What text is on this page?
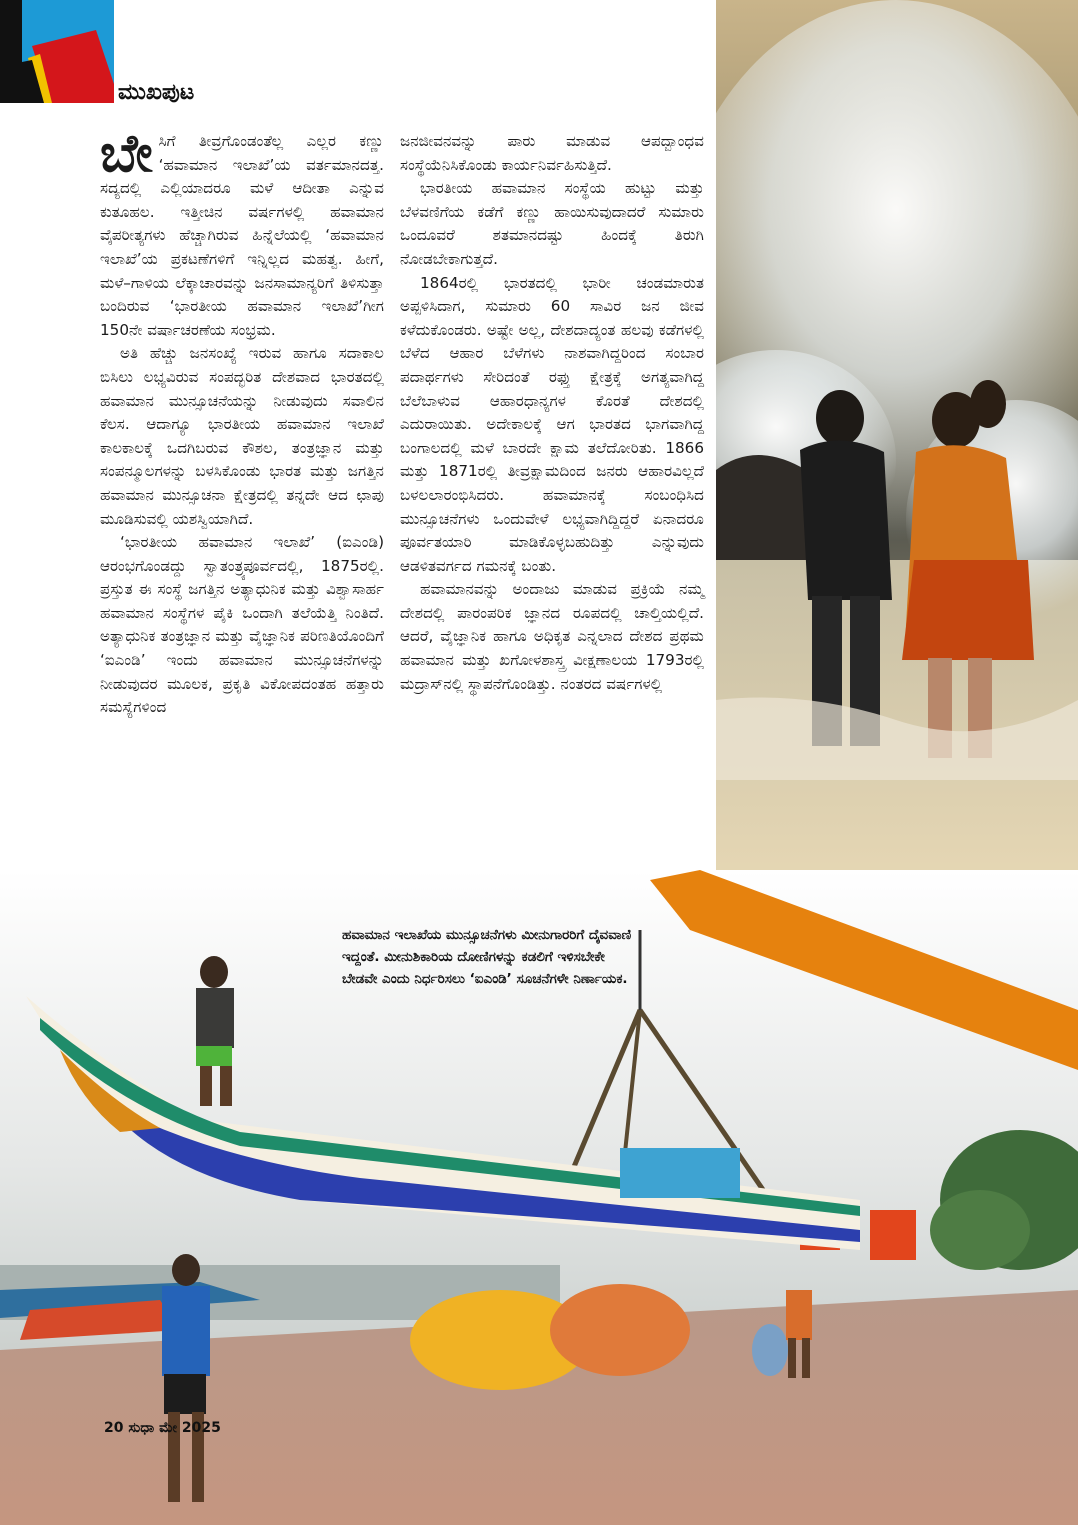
ಮುಖಪುಟ

ಬೇಸಿಗೆ ತೀವ್ರಗೊಂಡಂತೆಲ್ಲ ಎಲ್ಲರ ಕಣ್ಣು ‘ಹವಾಮಾನ ಇಲಾಖೆ’ಯ ವರ್ತಮಾನದತ್ತ. ಸದ್ಯದಲ್ಲಿ ಎಲ್ಲಿಯಾದರೂ ಮಳೆ ಆದೀತಾ ಎನ್ನುವ ಕುತೂಹಲ. ಇತ್ತೀಚಿನ ವರ್ಷಗಳಲ್ಲಿ ಹವಾಮಾನ ವೈಪರೀತ್ಯಗಳು ಹೆಚ್ಚಾಗಿರುವ ಹಿನ್ನೆಲೆಯಲ್ಲಿ ‘ಹವಾಮಾನ ಇಲಾಖೆ’ಯ ಪ್ರಕಟಣೆಗಳಿಗೆ ಇನ್ನಿಲ್ಲದ ಮಹತ್ವ. ಹೀಗೆ, ಮಳೆ–ಗಾಳಿಯ ಲೆಕ್ಕಾಚಾರವನ್ನು ಜನಸಾಮಾನ್ಯರಿಗೆ ತಿಳಿಸುತ್ತಾ ಬಂದಿರುವ ‘ಭಾರತೀಯ ಹವಾಮಾನ ಇಲಾಖೆ’ಗೀಗ 150ನೇ ವರ್ಷಾಚರಣೆಯ ಸಂಭ್ರಮ.

ಅತಿ ಹೆಚ್ಚು ಜನಸಂಖ್ಯೆ ಇರುವ ಹಾಗೂ ಸದಾಕಾಲ ಬಿಸಿಲು ಲಭ್ಯವಿರುವ ಸಂಪದ್ಭರಿತ ದೇಶವಾದ ಭಾರತದಲ್ಲಿ ಹವಾಮಾನ ಮುನ್ಸೂಚನೆಯನ್ನು ನೀಡುವುದು ಸವಾಲಿನ ಕೆಲಸ. ಆದಾಗ್ಯೂ ಭಾರತೀಯ ಹವಾಮಾನ ಇಲಾಖೆ ಕಾಲಕಾಲಕ್ಕೆ ಒದಗಿಬರುವ ಕೌಶಲ, ತಂತ್ರಜ್ಞಾನ ಮತ್ತು ಸಂಪನ್ಮೂಲಗಳನ್ನು ಬಳಸಿಕೊಂಡು ಭಾರತ ಮತ್ತು ಜಗತ್ತಿನ ಹವಾಮಾನ ಮುನ್ಸೂಚನಾ ಕ್ಷೇತ್ರದಲ್ಲಿ ತನ್ನದೇ ಆದ ಛಾಪು ಮೂಡಿಸುವಲ್ಲಿ ಯಶಸ್ವಿಯಾಗಿದೆ.

‘ಭಾರತೀಯ ಹವಾಮಾನ ಇಲಾಖೆ’ (ಐಎಂಡಿ) ಆರಂಭಗೊಂಡದ್ದು ಸ್ವಾತಂತ್ರ್ಯಪೂರ್ವದಲ್ಲಿ, 1875ರಲ್ಲಿ. ಪ್ರಸ್ತುತ ಈ ಸಂಸ್ಥೆ ಜಗತ್ತಿನ ಅತ್ಯಾಧುನಿಕ ಮತ್ತು ವಿಶ್ವಾಸಾರ್ಹ ಹವಾಮಾನ ಸಂಸ್ಥೆಗಳ ಪೈಕಿ ಒಂದಾಗಿ ತಲೆಯೆತ್ತಿ ನಿಂತಿದೆ. ಅತ್ಯಾಧುನಿಕ ತಂತ್ರಜ್ಞಾನ ಮತ್ತು ವೈಜ್ಞಾನಿಕ ಪರಿಣತಿಯೊಂದಿಗೆ ‘ಐಎಂಡಿ’ ಇಂದು ಹವಾಮಾನ ಮುನ್ಸೂಚನೆಗಳನ್ನು ನೀಡುವುದರ ಮೂಲಕ, ಪ್ರಕೃತಿ ವಿಕೋಪದಂತಹ ಹತ್ತಾರು ಸಮಸ್ಯೆಗಳಿಂದ

ಜನಜೀವನವನ್ನು ಪಾರು ಮಾಡುವ ಆಪದ್ಬಾಂಧವ ಸಂಸ್ಥೆಯೆನಿಸಿಕೊಂಡು ಕಾರ್ಯನಿರ್ವಹಿಸುತ್ತಿದೆ.

ಭಾರತೀಯ ಹವಾಮಾನ ಸಂಸ್ಥೆಯ ಹುಟ್ಟು ಮತ್ತು ಬೆಳವಣಿಗೆಯ ಕಡೆಗೆ ಕಣ್ಣು ಹಾಯಿಸುವುದಾದರೆ ಸುಮಾರು ಒಂದೂವರೆ ಶತಮಾನದಷ್ಟು ಹಿಂದಕ್ಕೆ ತಿರುಗಿ ನೋಡಬೇಕಾಗುತ್ತದೆ.

1864ರಲ್ಲಿ ಭಾರತದಲ್ಲಿ ಭಾರೀ ಚಂಡಮಾರುತ ಅಪ್ಪಳಿಸಿದಾಗ, ಸುಮಾರು 60 ಸಾವಿರ ಜನ ಜೀವ ಕಳೆದುಕೊಂಡರು. ಅಷ್ಟೇ ಅಲ್ಲ, ದೇಶದಾದ್ಯಂತ ಹಲವು ಕಡೆಗಳಲ್ಲಿ ಬೆಳೆದ ಆಹಾರ ಬೆಳೆಗಳು ನಾಶವಾಗಿದ್ದರಿಂದ ಸಂಬಾರ ಪದಾರ್ಥಗಳು ಸೇರಿದಂತೆ ರಫ್ತು ಕ್ಷೇತ್ರಕ್ಕೆ ಅಗತ್ಯವಾಗಿದ್ದ ಬೆಲೆಬಾಳುವ ಆಹಾರಧಾನ್ಯಗಳ ಕೊರತೆ ದೇಶದಲ್ಲಿ ಎದುರಾಯಿತು. ಅದೇಕಾಲಕ್ಕೆ ಆಗ ಭಾರತದ ಭಾಗವಾಗಿದ್ದ ಬಂಗಾಲದಲ್ಲಿ ಮಳೆ ಬಾರದೇ ಕ್ಷಾಮ ತಲೆದೋರಿತು. 1866 ಮತ್ತು 1871ರಲ್ಲಿ ತೀವ್ರಕ್ಷಾಮದಿಂದ ಜನರು ಆಹಾರವಿಲ್ಲದೆ ಬಳಲಲಾರಂಭಿಸಿದರು. ಹವಾಮಾನಕ್ಕೆ ಸಂಬಂಧಿಸಿದ ಮುನ್ಸೂಚನೆಗಳು ಒಂದುವೇಳೆ ಲಭ್ಯವಾಗಿದ್ದಿದ್ದರೆ ಏನಾದರೂ ಪೂರ್ವತಯಾರಿ ಮಾಡಿಕೊಳ್ಳಬಹುದಿತ್ತು ಎನ್ನುವುದು ಆಡಳಿತವರ್ಗದ ಗಮನಕ್ಕೆ ಬಂತು.

ಹವಾಮಾನವನ್ನು ಅಂದಾಜು ಮಾಡುವ ಪ್ರಕ್ರಿಯೆ ನಮ್ಮ ದೇಶದಲ್ಲಿ ಪಾರಂಪರಿಕ ಜ್ಞಾನದ ರೂಪದಲ್ಲಿ ಚಾಲ್ತಿಯಲ್ಲಿದೆ. ಆದರೆ, ವೈಜ್ಞಾನಿಕ ಹಾಗೂ ಅಧಿಕೃತ ಎನ್ನಲಾದ ದೇಶದ ಪ್ರಥಮ ಹವಾಮಾನ ಮತ್ತು ಖಗೋಳಶಾಸ್ತ್ರ ವೀಕ್ಷಣಾಲಯ 1793ರಲ್ಲಿ ಮದ್ರಾಸ್‌ನಲ್ಲಿ ಸ್ಥಾಪನೆಗೊಂಡಿತ್ತು. ನಂತರದ ವರ್ಷಗಳಲ್ಲಿ

ಹವಾಮಾನ ಇಲಾಖೆಯ ಮುನ್ಸೂಚನೆಗಳು ಮೀನುಗಾರರಿಗೆ ದೈವವಾಣಿ ಇದ್ದಂತೆ. ಮೀನುಶಿಕಾರಿಯ ದೋಣಿಗಳನ್ನು ಕಡಲಿಗೆ ಇಳಿಸಬೇಕೇ ಬೇಡವೇ ಎಂದು ನಿರ್ಧರಿಸಲು ‘ಐಎಂಡಿ’ ಸೂಚನೆಗಳೇ ನಿರ್ಣಾಯಕ.
20 ಸುಧಾ ಮೇ 2025
